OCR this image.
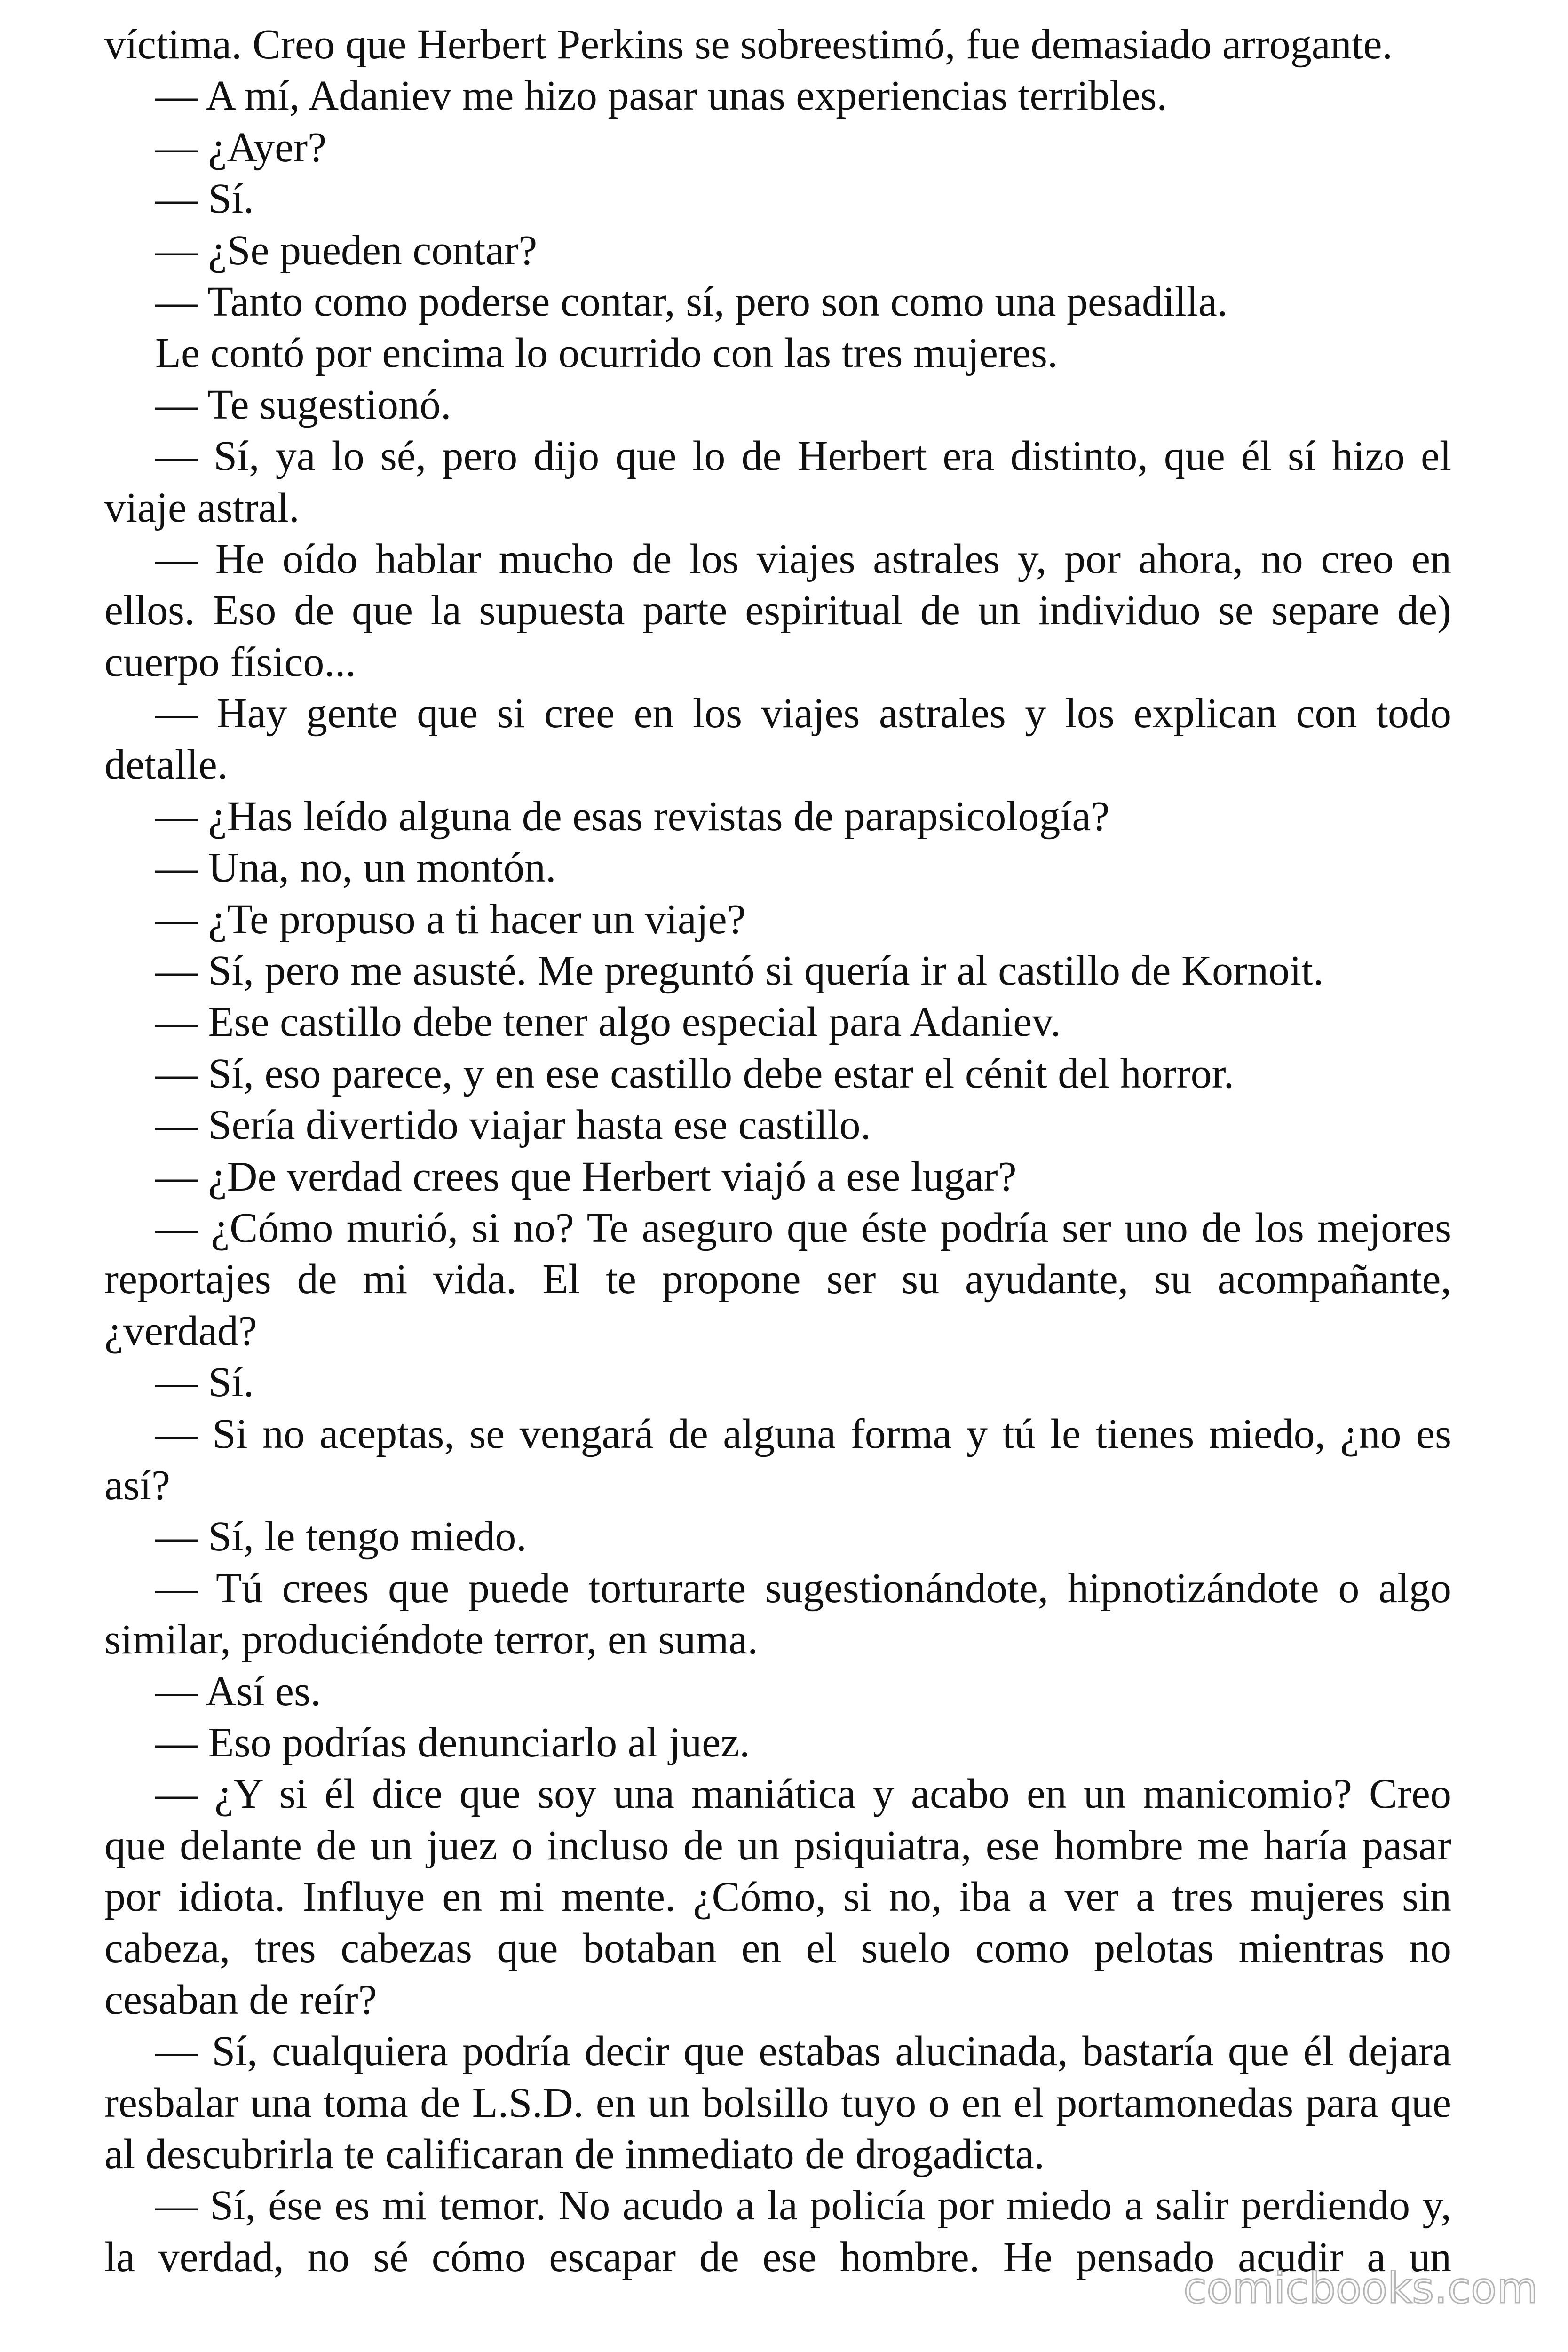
víctima. Creo que Herbert Perkins se sobreestimó, fue demasiado arrogante.
— A mí, Adaniev me hizo pasar unas experiencias terribles.
— ¿Ayer?
— Sí.
— ¿Se pueden contar?
— Tanto como poderse contar, sí, pero son como una pesadilla.
Le contó por encima lo ocurrido con las tres mujeres.
— Te sugestionó.
— Sí, ya lo sé, pero dijo que lo de Herbert era distinto, que él sí hizo el
viaje astral.
— He oído hablar mucho de los viajes astrales y, por ahora, no creo en
ellos. Eso de que la supuesta parte espiritual de un individuo se separe de)
cuerpo físico...
— Hay gente que si cree en los viajes astrales y los explican con todo
detalle.
— ¿Has leído alguna de esas revistas de parapsicología?
— Una, no, un montón.
— ¿Te propuso a ti hacer un viaje?
— Sí, pero me asusté. Me preguntó si quería ir al castillo de Kornoit.
— Ese castillo debe tener algo especial para Adaniev.
— Sí, eso parece, y en ese castillo debe estar el cénit del horror.
— Sería divertido viajar hasta ese castillo.
— ¿De verdad crees que Herbert viajó a ese lugar?
— ¿Cómo murió, si no? Te aseguro que éste podría ser uno de los mejores
reportajes de mi vida. El te propone ser su ayudante, su acompañante,
¿verdad?
— Sí.
— Si no aceptas, se vengará de alguna forma y tú le tienes miedo, ¿no es
así?
— Sí, le tengo miedo.
— Tú crees que puede torturarte sugestionándote, hipnotizándote o algo
similar, produciéndote terror, en suma.
— Así es.
— Eso podrías denunciarlo al juez.
— ¿Y si él dice que soy una maniática y acabo en un manicomio? Creo
que delante de un juez o incluso de un psiquiatra, ese hombre me haría pasar
por idiota. Influye en mi mente. ¿Cómo, si no, iba a ver a tres mujeres sin
cabeza, tres cabezas que botaban en el suelo como pelotas mientras no
cesaban de reír?
— Sí, cualquiera podría decir que estabas alucinada, bastaría que él dejara
resbalar una toma de L.S.D. en un bolsillo tuyo o en el portamonedas para que
al descubrirla te calificaran de inmediato de drogadicta.
— Sí, ése es mi temor. No acudo a la policía por miedo a salir perdiendo y,
la verdad, no sé cómo escapar de ese hombre. He pensado acudir a un
comicbooks.com
